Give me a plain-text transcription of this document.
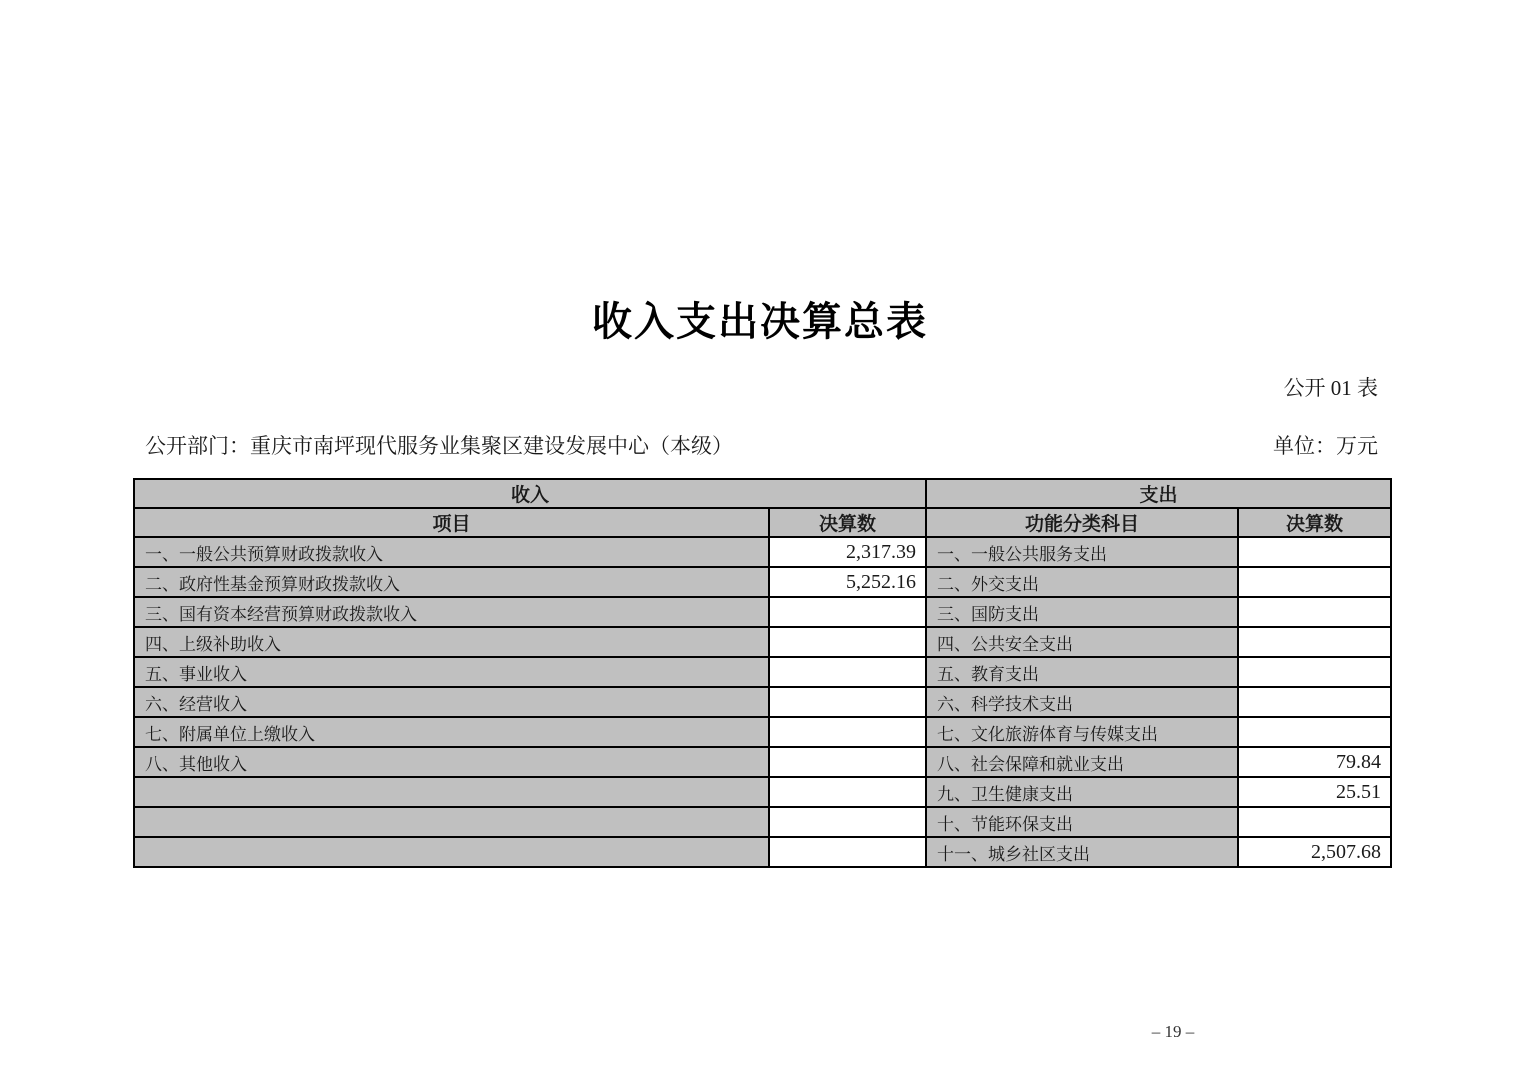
收入支出决算总表
公开 01 表
公开部门：重庆市南坪现代服务业集聚区建设发展中心（本级）	单位：万元
收入		支出	
项目	决算数	功能分类科目	决算数
一、一般公共预算财政拨款收入	2,317.39	一、一般公共服务支出	
二、政府性基金预算财政拨款收入	5,252.16	二、外交支出	
三、国有资本经营预算财政拨款收入		三、国防支出	
四、上级补助收入		四、公共安全支出	
五、事业收入		五、教育支出	
六、经营收入		六、科学技术支出	
七、附属单位上缴收入		七、文化旅游体育与传媒支出	
八、其他收入		八、社会保障和就业支出	79.84
		九、卫生健康支出	25.51
		十、节能环保支出	
		十一、城乡社区支出	2,507.68
– 19 –
